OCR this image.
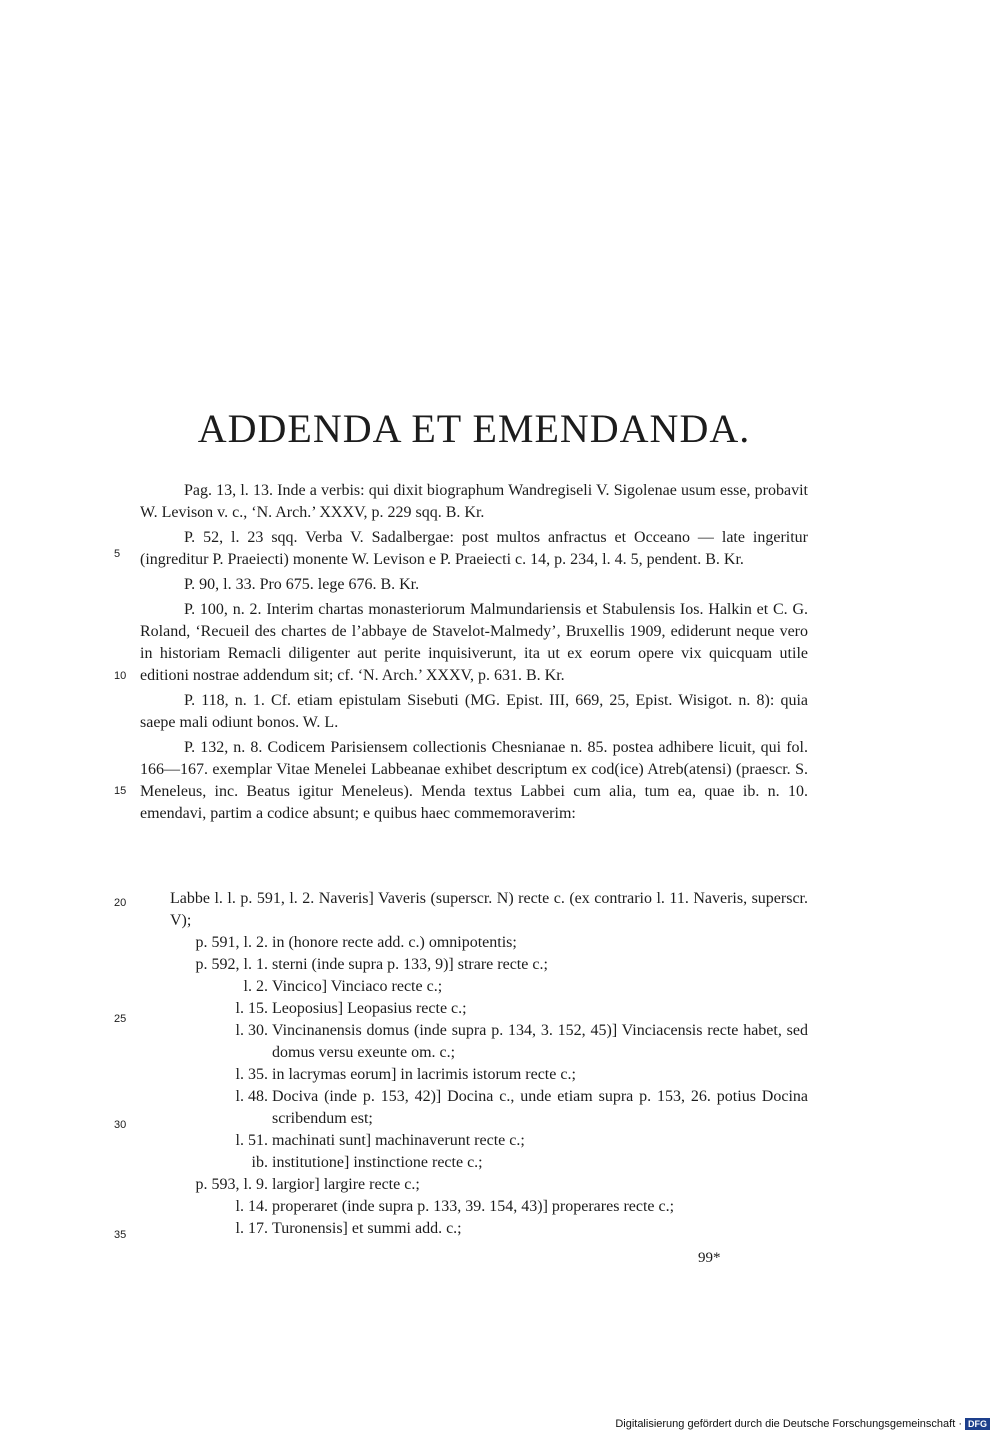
ADDENDA ET EMENDANDA.

Pag. 13, l. 13. Inde a verbis: qui dixit biographum Wandregiseli V. Sigolenae usum esse, probavit W. Levison v. c., ‘N. Arch.’ XXXV, p. 229 sqq. B. Kr.

P. 52, l. 23 sqq. Verba V. Sadalbergae: post multos anfractus et Occeano — late ingeritur (ingreditur P. Praeiecti) monente W. Levison e P. Praeiecti c. 14, p. 234, l. 4. 5, pendent. B. Kr.

P. 90, l. 33. Pro 675. lege 676. B. Kr.

P. 100, n. 2. Interim chartas monasteriorum Malmundariensis et Stabulensis Ios. Halkin et C. G. Roland, ‘Recueil des chartes de l’abbaye de Stavelot-Malmedy’, Bruxellis 1909, ediderunt neque vero in historiam Remacli diligenter aut perite inquisiverunt, ita ut ex eorum opere vix quicquam utile editioni nostrae addendum sit; cf. ‘N. Arch.’ XXXV, p. 631. B. Kr.

P. 118, n. 1. Cf. etiam epistulam Sisebuti (MG. Epist. III, 669, 25, Epist. Wisigot. n. 8): quia saepe mali odiunt bonos. W. L.

P. 132, n. 8. Codicem Parisiensem collectionis Chesnianae n. 85. postea adhibere licuit, qui fol. 166—167. exemplar Vitae Menelei Labbeanae exhibet descriptum ex cod(ice) Atreb(atensi) (praescr. S. Meneleus, inc. Beatus igitur Meneleus). Menda textus Labbei cum alia, tum ea, quae ib. n. 10. emendavi, partim a codice absunt; e quibus haec commemoraverim:

5
10
15
20
25
30
35
Labbe l. l. p. 591, l. 2. Naveris] Vaveris (superscr. N) recte c. (ex contrario l. 11. Naveris, superscr. V);
p. 591, l. 2. in (honore recte add. c.) omnipotentis;
p. 592, l. 1. sterni (inde supra p. 133, 9)] strare recte c.;
l. 2. Vincico] Vinciaco recte c.;
l. 15. Leoposius] Leopasius recte c.;
l. 30. Vincinanensis domus (inde supra p. 134, 3. 152, 45)] Vinciacensis recte habet, sed domus versu exeunte om. c.;
l. 35. in lacrymas eorum] in lacrimis istorum recte c.;
l. 48. Dociva (inde p. 153, 42)] Docina c., unde etiam supra p. 153, 26. potius Docina scribendum est;
l. 51. machinati sunt] machinaverunt recte c.;
ib. institutione] instinctione recte c.;
p. 593, l. 9. largior] largire recte c.;
l. 14. properaret (inde supra p. 133, 39. 154, 43)] properares recte c.;
l. 17. Turonensis] et summi add. c.;
99*
Digitalisierung gefördert durch die Deutsche Forschungsgemeinschaft · DFG
